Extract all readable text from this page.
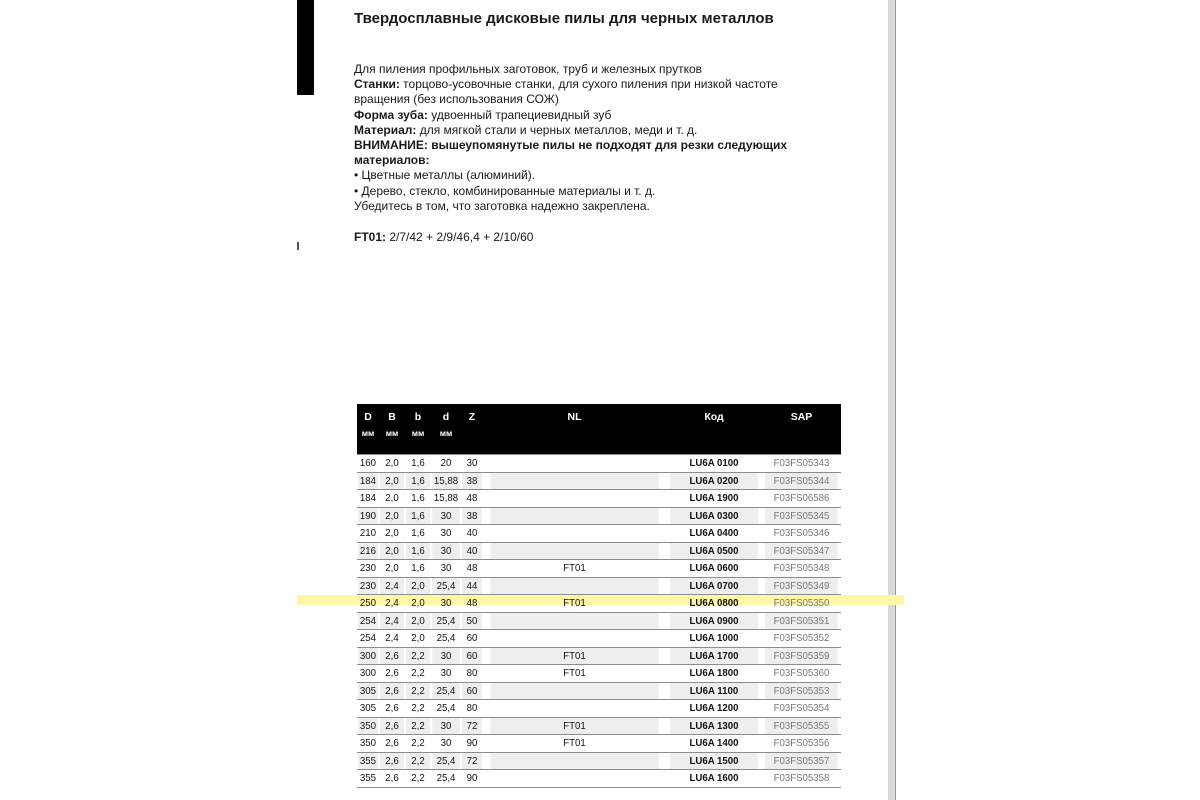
Твердосплавные дисковые пилы для черных металлов

Для пиления профильных заготовок, труб и железных прутков

Станки: торцово-усовочные станки, для сухого пиления при низкой частоте вращения (без использования СОЖ)

Форма зуба: удвоенный трапециевидный зуб

Материал: для мягкой стали и черных металлов, меди и т. д.

ВНИМАНИЕ: вышеупомянутые пилы не подходят для резки следующих материалов:

• Цветные металлы (алюминий).

• Дерево, стекло, комбинированные материалы и т. д.

Убедитесь в том, что заготовка надежно закреплена.

FT01: 2/7/42 + 2/9/46,4 + 2/10/60
D	B	b	d	Z	NL	Код	SAP
мм	мм	мм	мм				
160	2,0	1,6	20	30		LU6A 0100	F03FS05343
184	2,0	1,6	15,88	38		LU6A 0200	F03FS05344
184	2,0	1,6	15,88	48		LU6A 1900	F03FS06586
190	2,0	1,6	30	38		LU6A 0300	F03FS05345
210	2,0	1,6	30	40		LU6A 0400	F03FS05346
216	2,0	1,6	30	40		LU6A 0500	F03FS05347
230	2,0	1,6	30	48	FT01	LU6A 0600	F03FS05348
230	2,4	2,0	25,4	44		LU6A 0700	F03FS05349
250	2,4	2,0	30	48	FT01	LU6A 0800	F03FS05350
254	2,4	2,0	25,4	50		LU6A 0900	F03FS05351
254	2,4	2,0	25,4	60		LU6A 1000	F03FS05352
300	2,6	2,2	30	60	FT01	LU6A 1700	F03FS05359
300	2,6	2,2	30	80	FT01	LU6A 1800	F03FS05360
305	2,6	2,2	25,4	60		LU6A 1100	F03FS05353
305	2,6	2,2	25,4	80		LU6A 1200	F03FS05354
350	2,6	2,2	30	72	FT01	LU6A 1300	F03FS05355
350	2,6	2,2	30	90	FT01	LU6A 1400	F03FS05356
355	2,6	2,2	25,4	72		LU6A 1500	F03FS05357
355	2,6	2,2	25,4	90		LU6A 1600	F03FS05358
